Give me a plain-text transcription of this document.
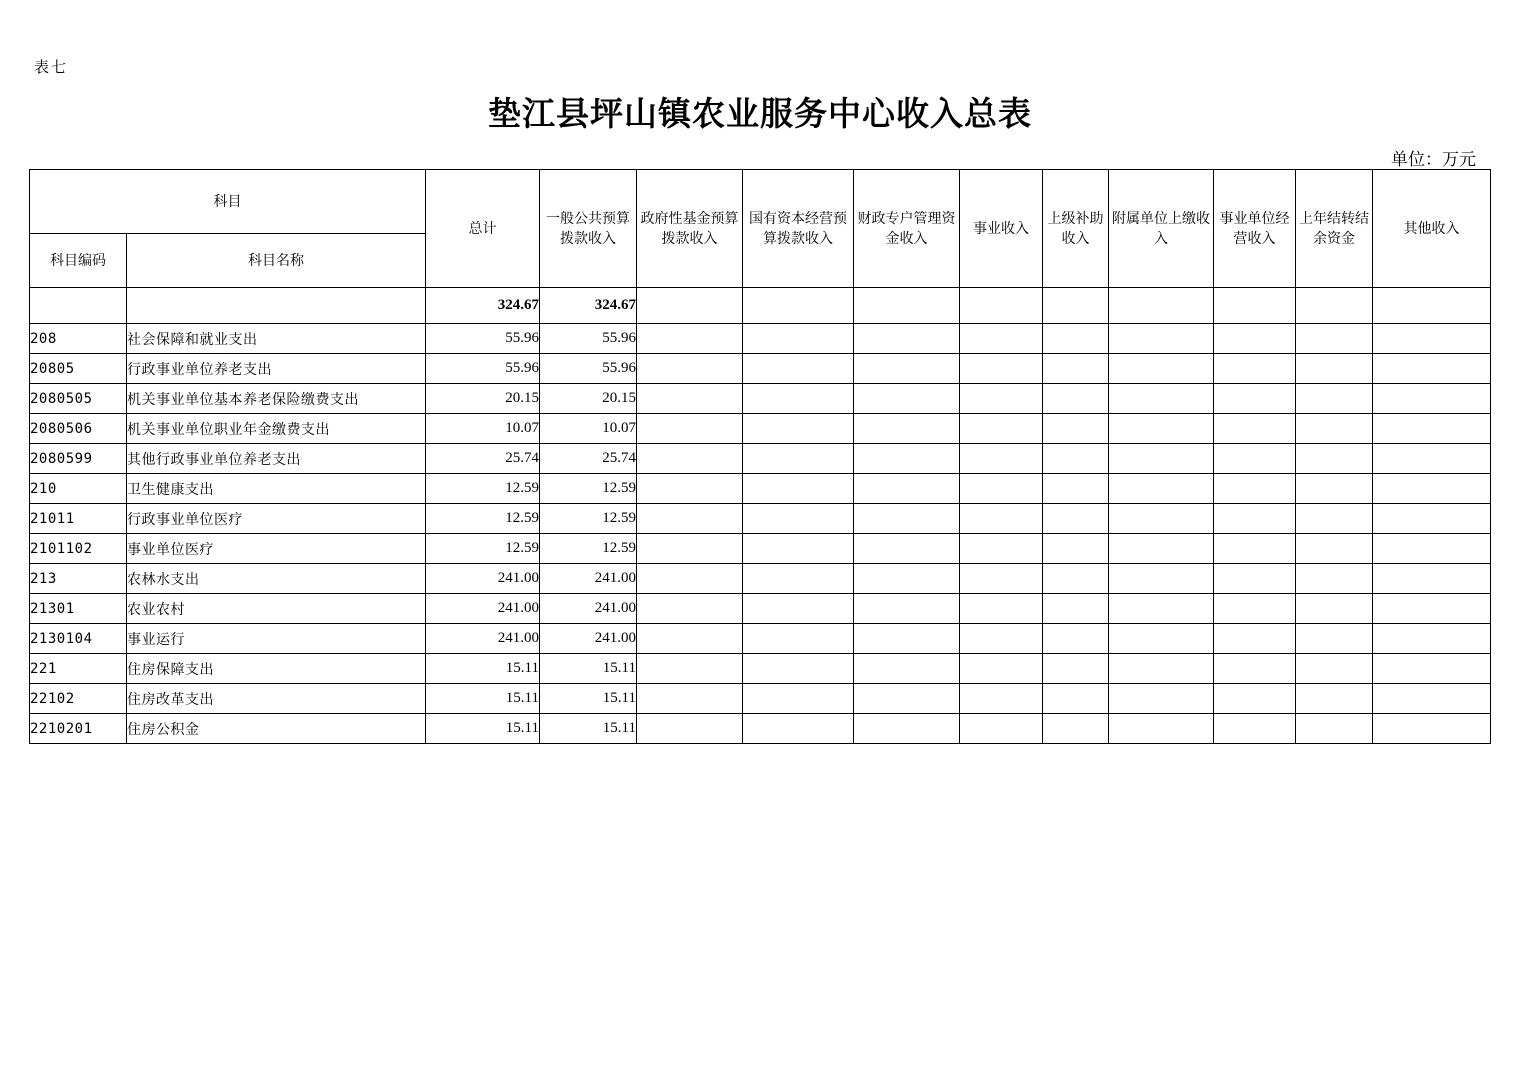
表七
垫江县坪山镇农业服务中心收入总表
单位：万元
科目		总计	一般公共预算拨款收入	政府性基金预算拨款收入	国有资本经营预算拨款收入	财政专户管理资金收入	事业收入	上级补助收入	附属单位上缴收入	事业单位经营收入	上年结转结余资金	其他收入
科目编码	科目名称											
		324.67	324.67									
208	社会保障和就业支出	55.96	55.96									
20805	行政事业单位养老支出	55.96	55.96									
2080505	机关事业单位基本养老保险缴费支出	20.15	20.15									
2080506	机关事业单位职业年金缴费支出	10.07	10.07									
2080599	其他行政事业单位养老支出	25.74	25.74									
210	卫生健康支出	12.59	12.59									
21011	行政事业单位医疗	12.59	12.59									
2101102	事业单位医疗	12.59	12.59									
213	农林水支出	241.00	241.00									
21301	农业农村	241.00	241.00									
2130104	事业运行	241.00	241.00									
221	住房保障支出	15.11	15.11									
22102	住房改革支出	15.11	15.11									
2210201	住房公积金	15.11	15.11									
